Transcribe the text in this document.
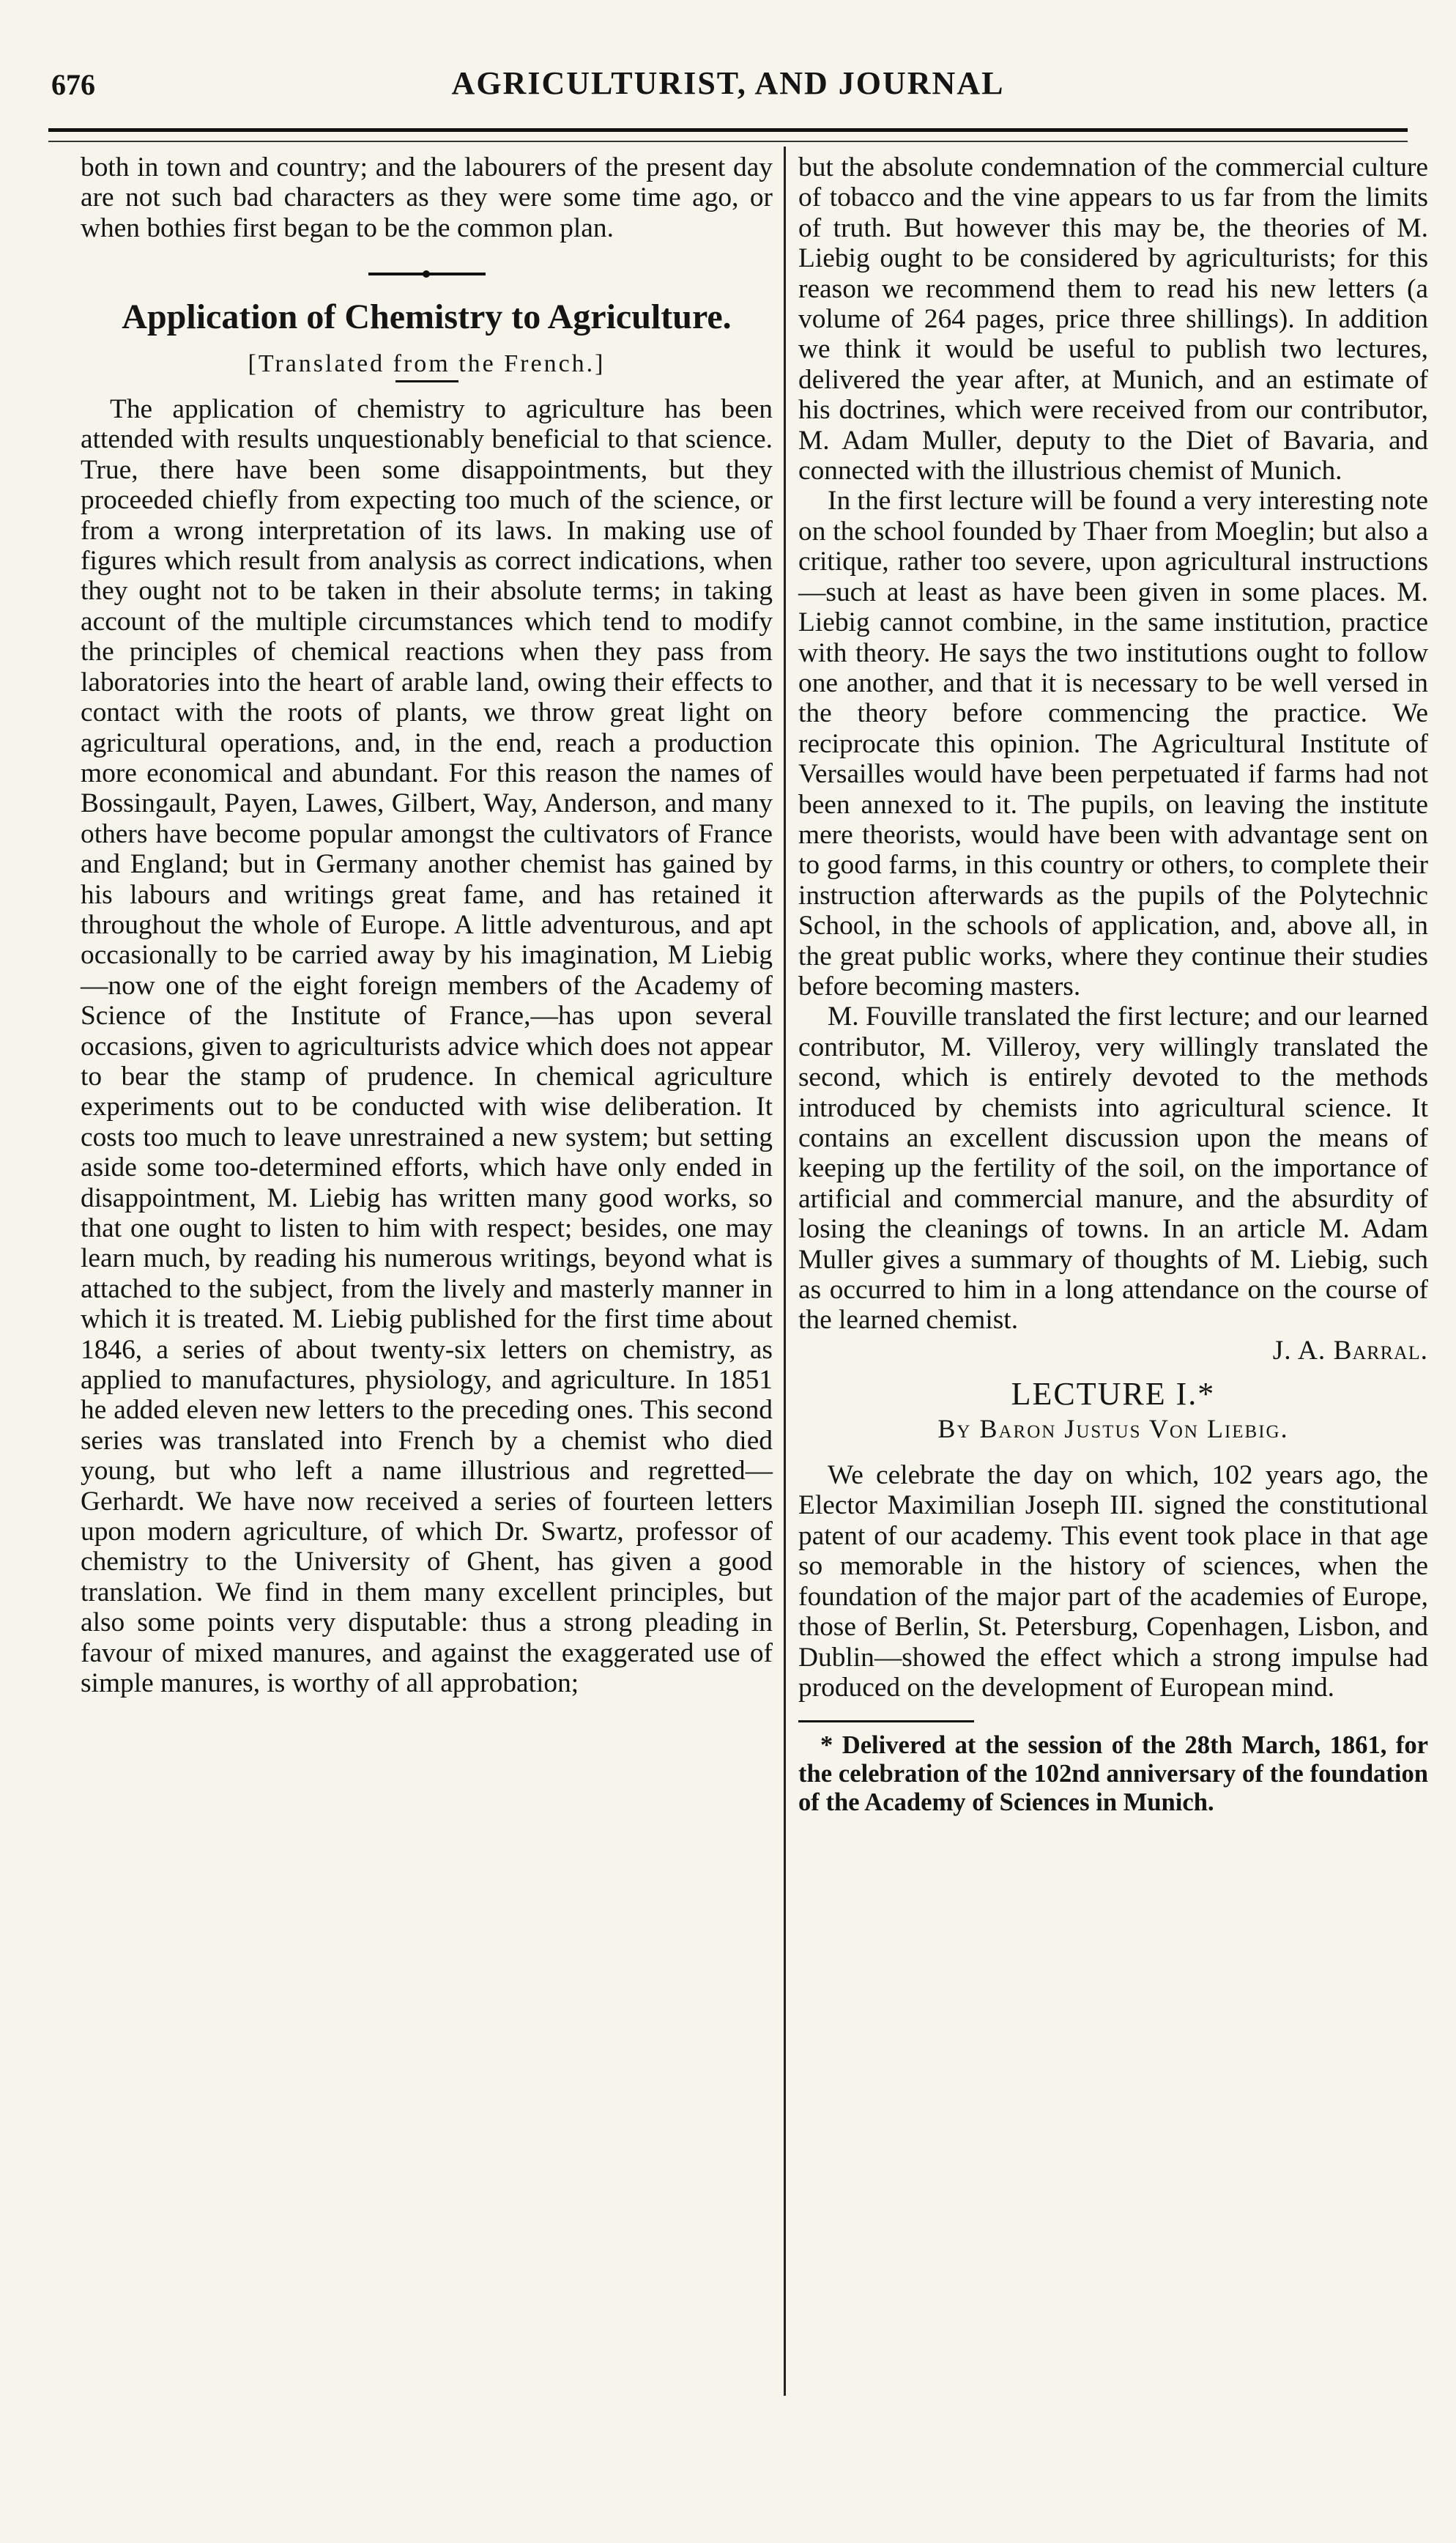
676	AGRICULTURIST, AND JOURNAL

both in town and country; and the labourers of the present day are not such bad characters as they were some time ago, or when bothies first began to be the common plan.

Application of Chemistry to Agriculture.
[Translated from the French.]

The application of chemistry to agriculture has been attended with results unquestionably beneficial to that science. True, there have been some disappointments, but they proceeded chiefly from expecting too much of the science, or from a wrong interpretation of its laws. In making use of figures which result from analysis as correct indications, when they ought not to be taken in their absolute terms; in taking account of the multiple circumstances which tend to modify the principles of chemical reactions when they pass from laboratories into the heart of arable land, owing their effects to contact with the roots of plants, we throw great light on agricultural operations, and, in the end, reach a production more economical and abundant. For this reason the names of Bossingault, Payen, Lawes, Gilbert, Way, Anderson, and many others have become popular amongst the cultivators of France and England; but in Germany another chemist has gained by his labours and writings great fame, and has retained it throughout the whole of Europe. A little adventurous, and apt occasionally to be carried away by his imagination, M Liebig—now one of the eight foreign members of the Academy of Science of the Institute of France,—has upon several occasions, given to agriculturists advice which does not appear to bear the stamp of prudence. In chemical agriculture experiments out to be conducted with wise deliberation. It costs too much to leave unrestrained a new system; but setting aside some too-determined efforts, which have only ended in disappointment, M. Liebig has written many good works, so that one ought to listen to him with respect; besides, one may learn much, by reading his numerous writings, beyond what is attached to the subject, from the lively and masterly manner in which it is treated. M. Liebig published for the first time about 1846, a series of about twenty-six letters on chemistry, as applied to manufactures, physiology, and agriculture. In 1851 he added eleven new letters to the preceding ones. This second series was translated into French by a chemist who died young, but who left a name illustrious and regretted—Gerhardt. We have now received a series of fourteen letters upon modern agriculture, of which Dr. Swartz, professor of chemistry to the University of Ghent, has given a good translation. We find in them many excellent principles, but also some points very disputable: thus a strong pleading in favour of mixed manures, and against the exaggerated use of simple manures, is worthy of all approbation;

but the absolute condemnation of the commercial culture of tobacco and the vine appears to us far from the limits of truth. But however this may be, the theories of M. Liebig ought to be considered by agriculturists; for this reason we recommend them to read his new letters (a volume of 264 pages, price three shillings). In addition we think it would be useful to publish two lectures, delivered the year after, at Munich, and an estimate of his doctrines, which were received from our contributor, M. Adam Muller, deputy to the Diet of Bavaria, and connected with the illustrious chemist of Munich.

In the first lecture will be found a very interesting note on the school founded by Thaer from Moeglin; but also a critique, rather too severe, upon agricultural instructions—such at least as have been given in some places. M. Liebig cannot combine, in the same institution, practice with theory. He says the two institutions ought to follow one another, and that it is necessary to be well versed in the theory before commencing the practice. We reciprocate this opinion. The Agricultural Institute of Versailles would have been perpetuated if farms had not been annexed to it. The pupils, on leaving the institute mere theorists, would have been with advantage sent on to good farms, in this country or others, to complete their instruction afterwards as the pupils of the Polytechnic School, in the schools of application, and, above all, in the great public works, where they continue their studies before becoming masters.

M. Fouville translated the first lecture; and our learned contributor, M. Villeroy, very willingly translated the second, which is entirely devoted to the methods introduced by chemists into agricultural science. It contains an excellent discussion upon the means of keeping up the fertility of the soil, on the importance of artificial and commercial manure, and the absurdity of losing the cleanings of towns. In an article M. Adam Muller gives a summary of thoughts of M. Liebig, such as occurred to him in a long attendance on the course of the learned chemist.

J. A. Barral.
LECTURE I.*
By Baron Justus Von Liebig.

We celebrate the day on which, 102 years ago, the Elector Maximilian Joseph III. signed the constitutional patent of our academy. This event took place in that age so memorable in the history of sciences, when the foundation of the major part of the academies of Europe, those of Berlin, St. Petersburg, Copenhagen, Lisbon, and Dublin—showed the effect which a strong impulse had produced on the development of European mind.

* Delivered at the session of the 28th March, 1861, for the celebration of the 102nd anniversary of the foundation of the Academy of Sciences in Munich.
